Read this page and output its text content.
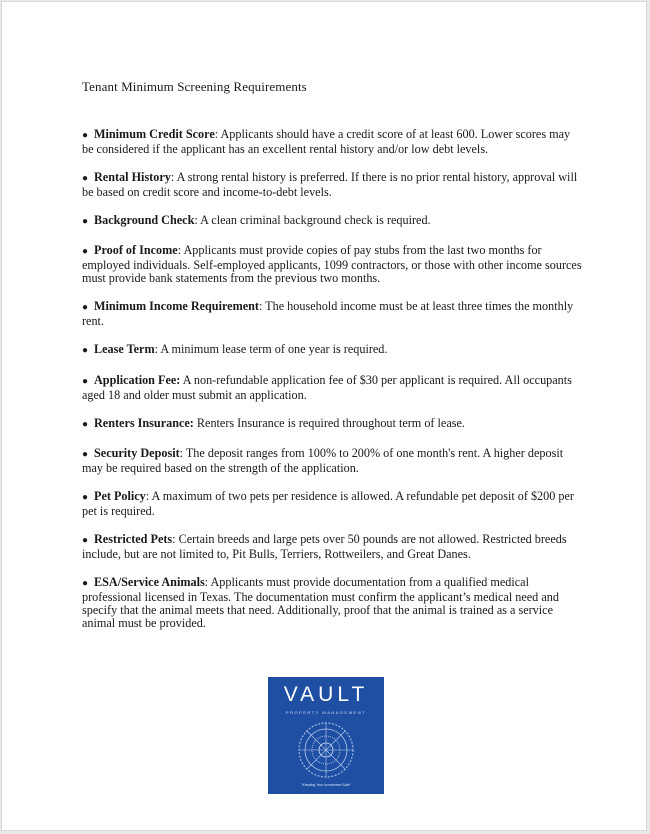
Tenant Minimum Screening Requirements
● Minimum Credit Score: Applicants should have a credit score of at least 600. Lower scores may be considered if the applicant has an excellent rental history and/or low debt levels.
● Rental History: A strong rental history is preferred. If there is no prior rental history, approval will be based on credit score and income-to-debt levels.
● Background Check: A clean criminal background check is required.
● Proof of Income: Applicants must provide copies of pay stubs from the last two months for employed individuals. Self-employed applicants, 1099 contractors, or those with other income sources must provide bank statements from the previous two months.
● Minimum Income Requirement: The household income must be at least three times the monthly rent.
● Lease Term: A minimum lease term of one year is required.
● Application Fee: A non-refundable application fee of $30 per applicant is required. All occupants aged 18 and older must submit an application.
● Renters Insurance: Renters Insurance is required throughout term of lease.
● Security Deposit: The deposit ranges from 100% to 200% of one month's rent. A higher deposit may be required based on the strength of the application.
● Pet Policy: A maximum of two pets per residence is allowed. A refundable pet deposit of $200 per pet is required.
● Restricted Pets: Certain breeds and large pets over 50 pounds are not allowed. Restricted breeds include, but are not limited to, Pit Bulls, Terriers, Rottweilers, and Great Danes.
● ESA/Service Animals: Applicants must provide documentation from a qualified medical professional licensed in Texas. The documentation must confirm the applicant’s medical need and specify that the animal meets that need. Additionally, proof that the animal is trained as a service animal must be provided.
VAULT
PROPERTY MANAGEMENT
"Keeping Your Investment Safe"
